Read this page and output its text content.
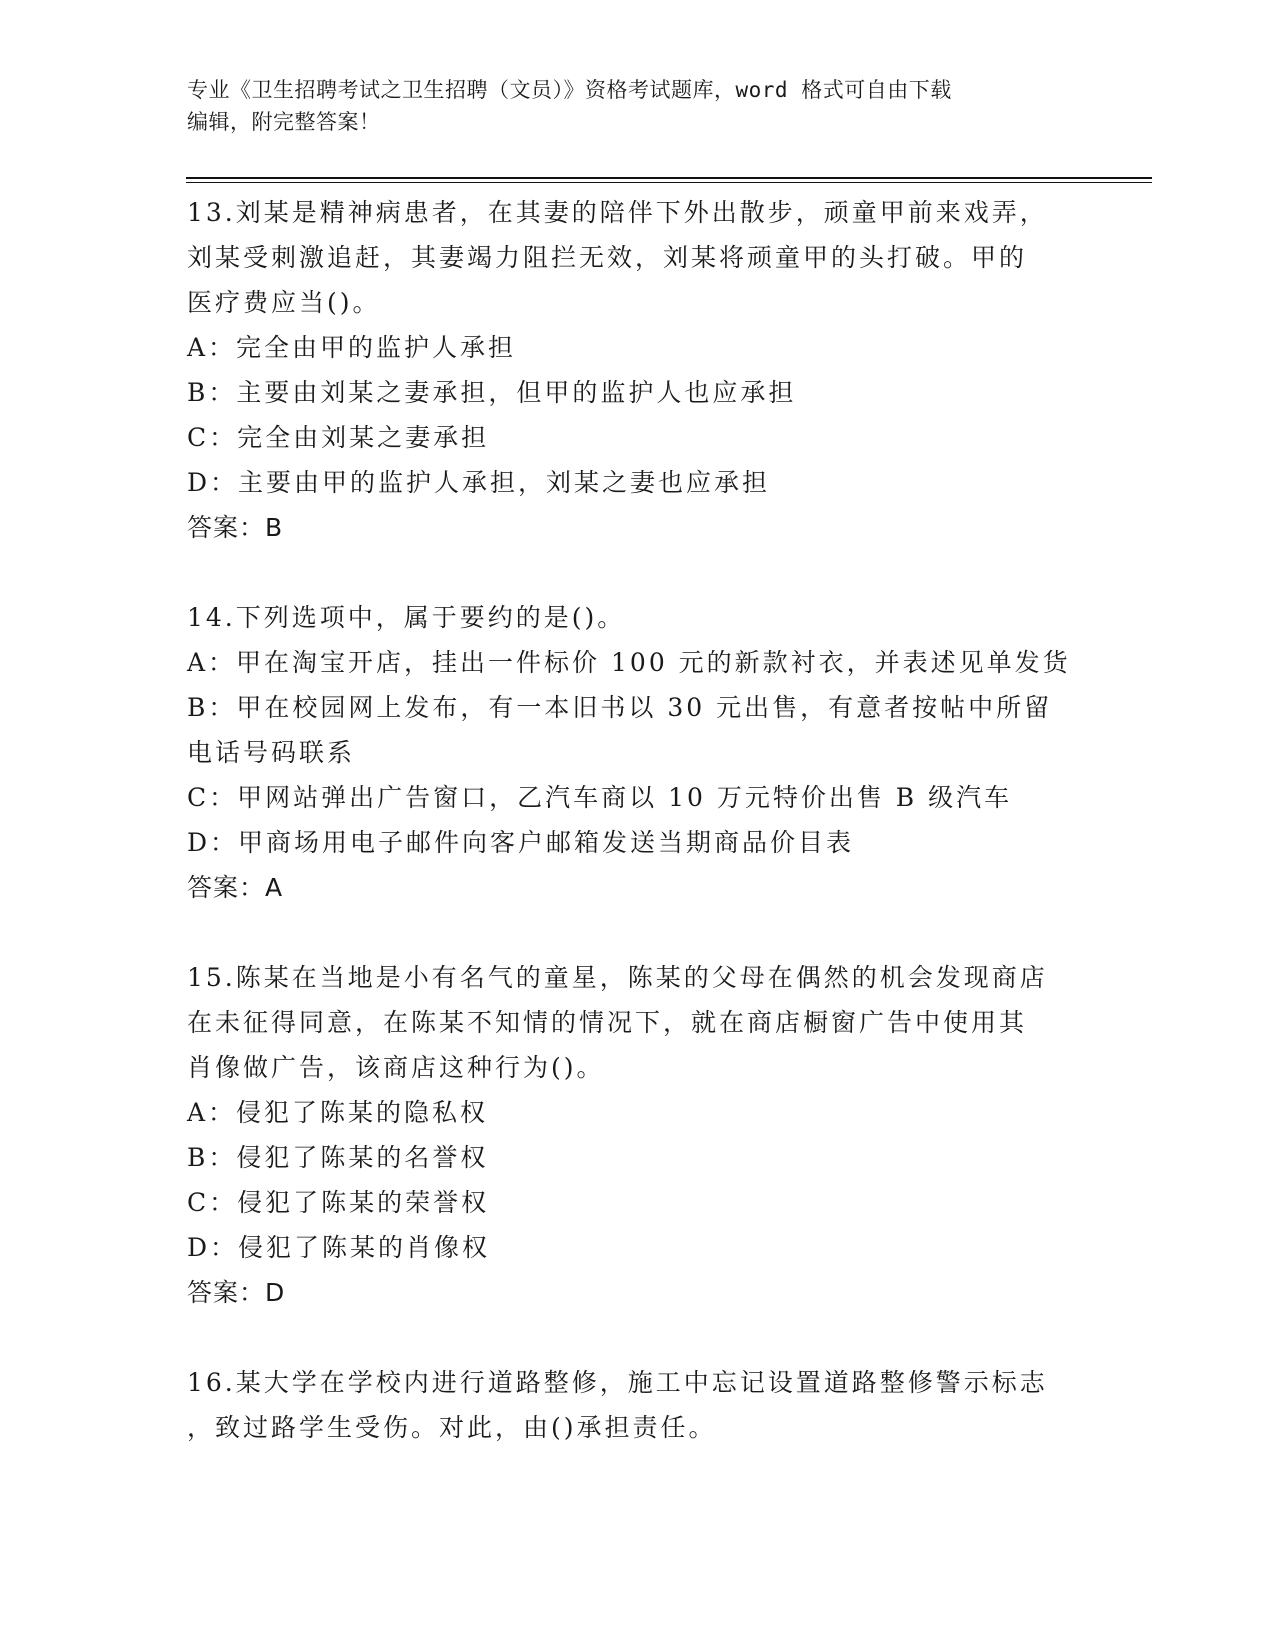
专业《卫生招聘考试之卫生招聘（文员）》资格考试题库，word 格式可自由下载
编辑，附完整答案！
13.刘某是精神病患者，在其妻的陪伴下外出散步，顽童甲前来戏弄，
刘某受刺激追赶，其妻竭力阻拦无效，刘某将顽童甲的头打破。甲的
医疗费应当()。
A：完全由甲的监护人承担
B：主要由刘某之妻承担，但甲的监护人也应承担
C：完全由刘某之妻承担
D：主要由甲的监护人承担，刘某之妻也应承担
答案：B
14.下列选项中，属于要约的是()。
A：甲在淘宝开店，挂出一件标价 100 元的新款衬衣，并表述见单发货
B：甲在校园网上发布，有一本旧书以 30 元出售，有意者按帖中所留
电话号码联系
C：甲网站弹出广告窗口，乙汽车商以 10 万元特价出售 B 级汽车
D：甲商场用电子邮件向客户邮箱发送当期商品价目表
答案：A
15.陈某在当地是小有名气的童星，陈某的父母在偶然的机会发现商店
在未征得同意，在陈某不知情的情况下，就在商店橱窗广告中使用其
肖像做广告，该商店这种行为()。
A：侵犯了陈某的隐私权
B：侵犯了陈某的名誉权
C：侵犯了陈某的荣誉权
D：侵犯了陈某的肖像权
答案：D
16.某大学在学校内进行道路整修，施工中忘记设置道路整修警示标志
，致过路学生受伤。对此，由()承担责任。
